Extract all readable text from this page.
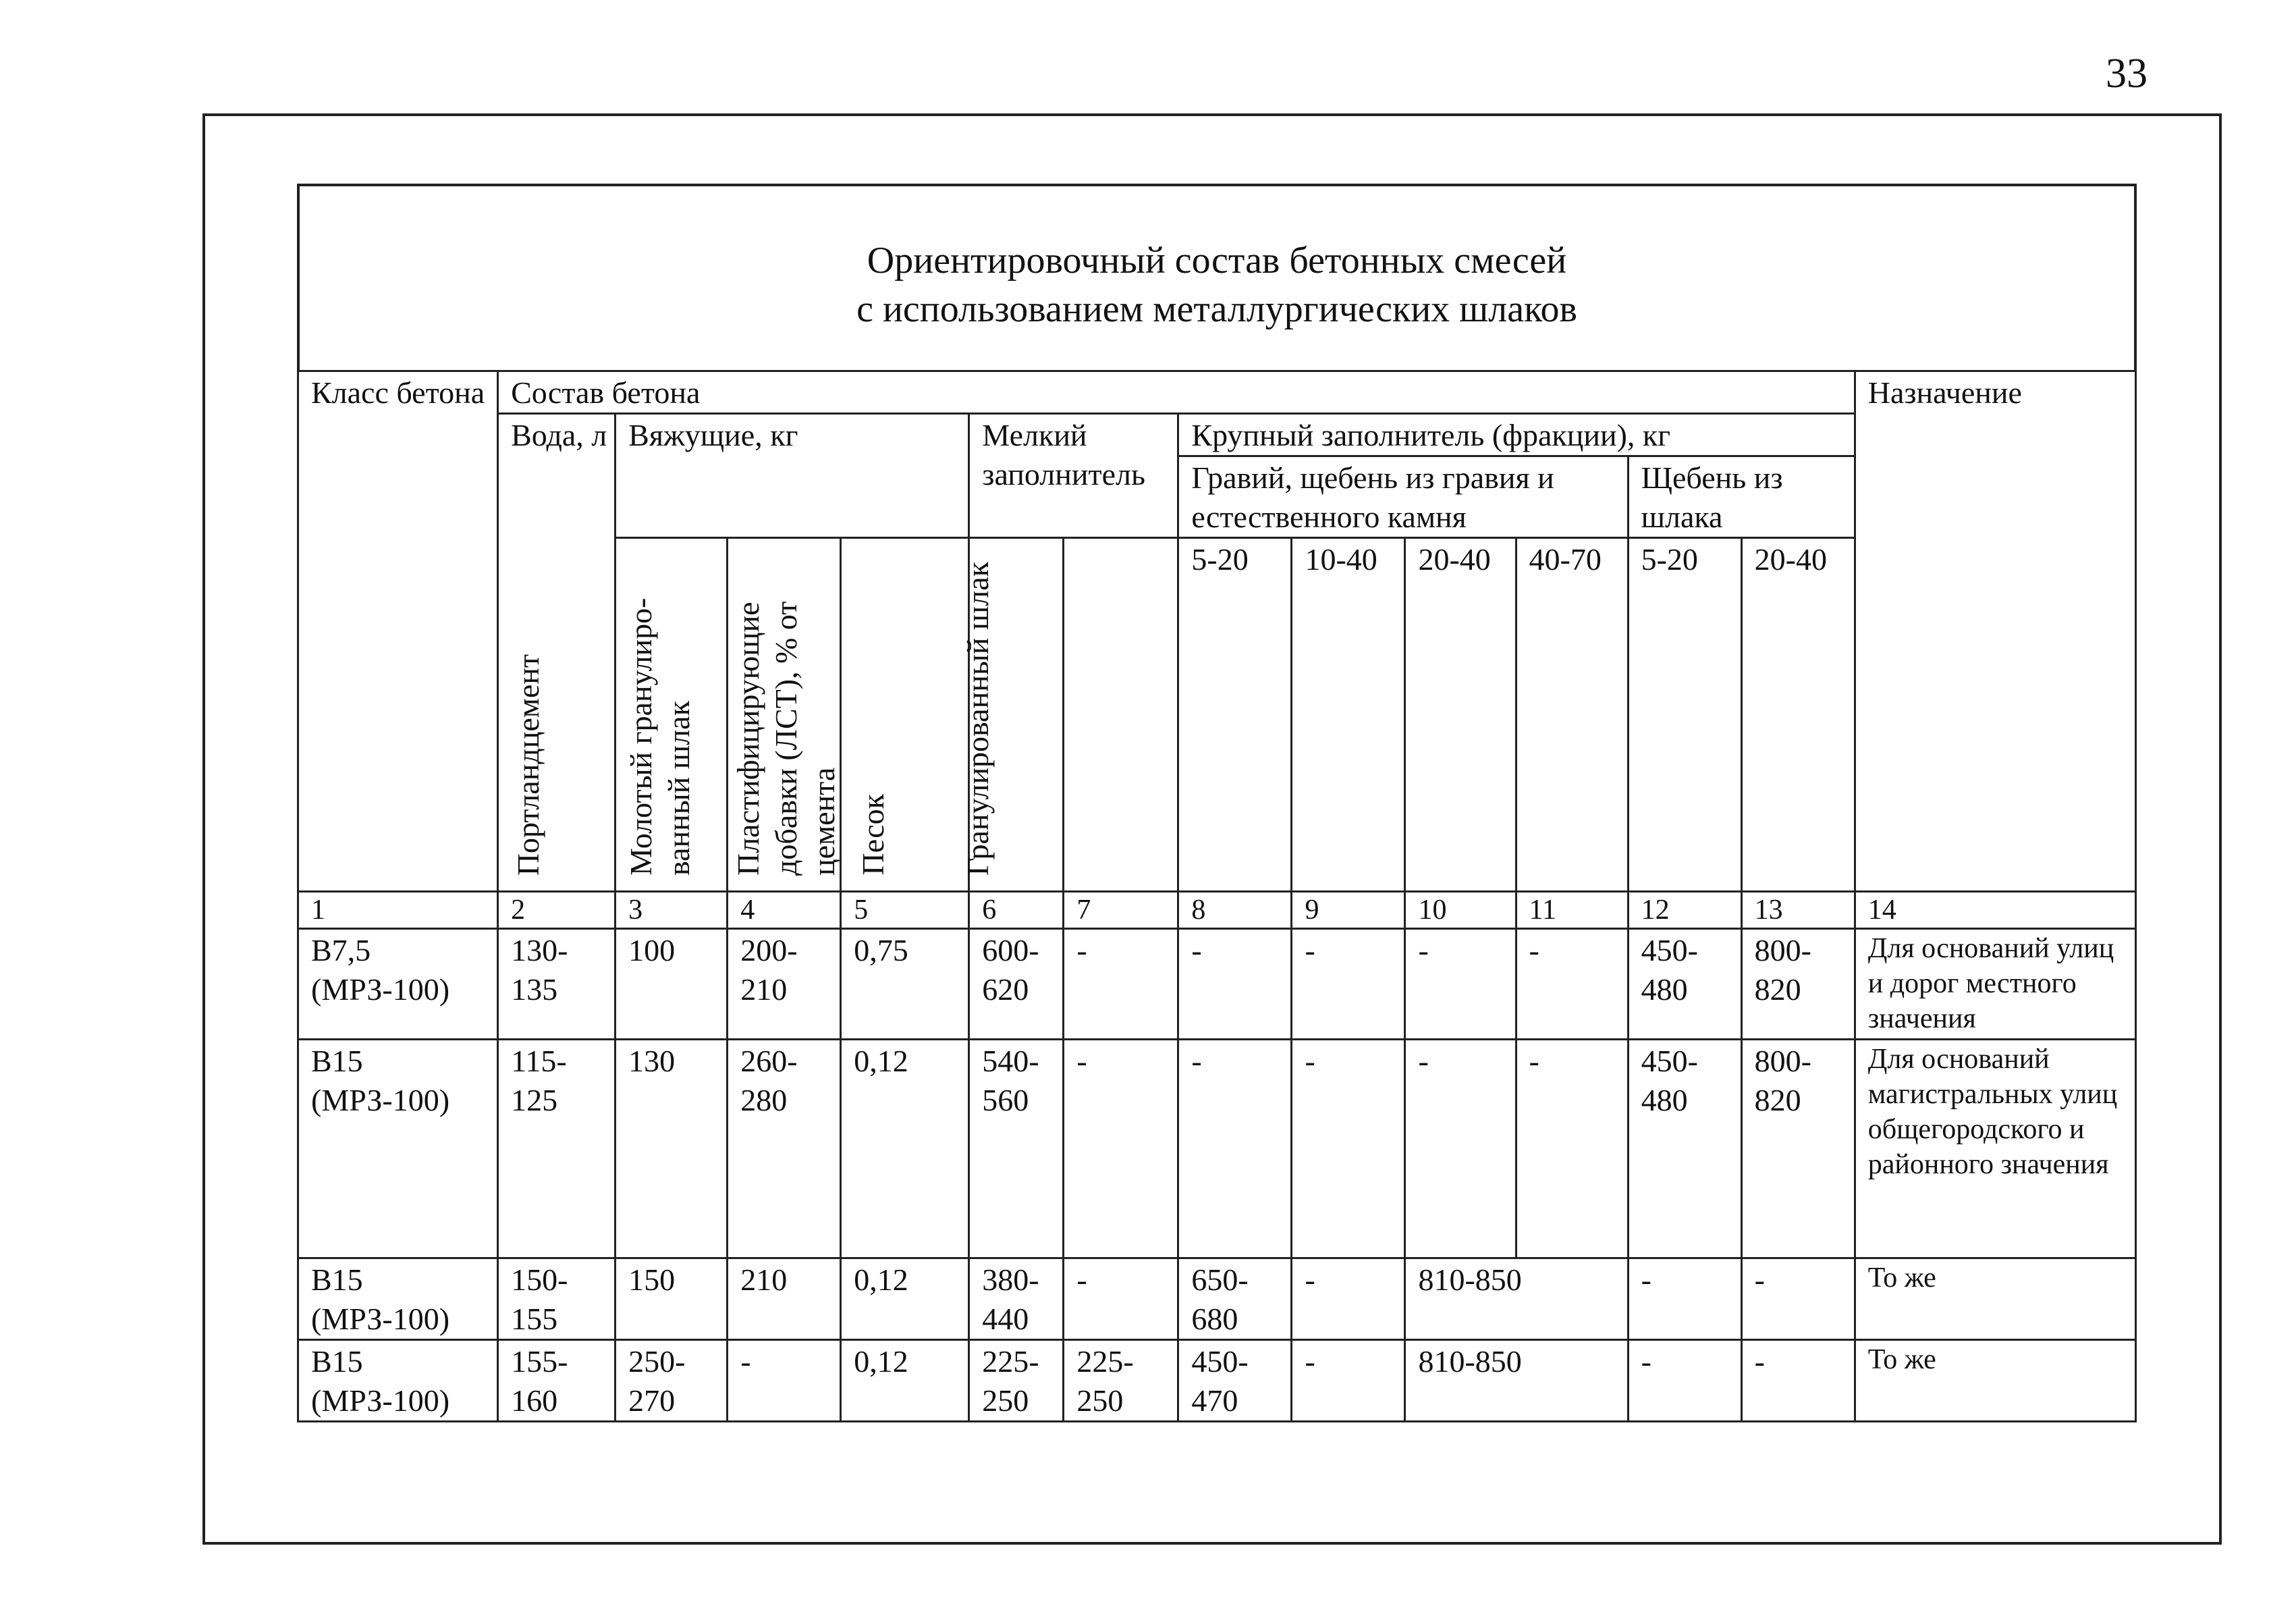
33
Ориентировочный состав бетонных смесей
с использованием металлургических шлаков
Класс бетона	Состав бетона												Назначение
	Вода, л	Вяжущие, кг			Мелкий заполнитель		Крупный заполнитель (фракции), кг						
							Гравий, щебень из гравия и естественного камня				Щебень из шлака		

		Портландцемент	Молотый гранулиро-ванный шлак	Пластифицирующие добавки (ЛСТ), % от цемента	Песок	Гранулированный шлак	5-20	10-40	20-40	40-70	5-20	20-40	

1	2	3	4	5	6	7	8	9	10	11	12	13	14
В7,5 (МРЗ-100)	130-135	100	200-210	0,75	600-620	-	-	-	-	-	450-480	800-820	Для оснований улиц и дорог местного значения
В15 (МРЗ-100)	115-125	130	260-280	0,12	540-560	-	-	-	-	-	450-480	800-820	Для оснований магистральных улиц общегородского и районного значения
В15 (МРЗ-100)	150-155	150	210	0,12	380-440	-	650-680	-	810-850		-	-	То же
В15 (МРЗ-100)	155-160	250-270	-	0,12	225-250	225-250	450-470	-	810-850		-	-	То же
